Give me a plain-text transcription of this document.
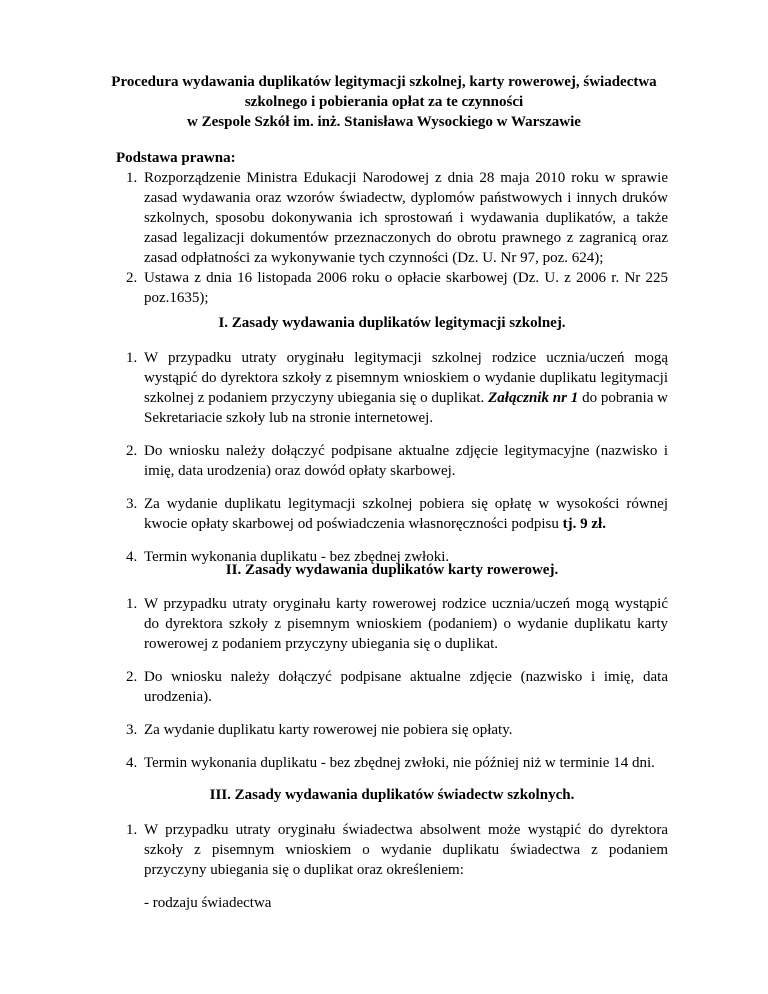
Procedura wydawania duplikatów legitymacji szkolnej, karty rowerowej, świadectwa
szkolnego i pobierania opłat za te czynności
w Zespole Szkół im. inż. Stanisława Wysockiego w Warszawie
Podstawa prawna:
1. Rozporządzenie Ministra Edukacji Narodowej z dnia 28 maja 2010 roku w sprawie zasad wydawania oraz wzorów świadectw, dyplomów państwowych i innych druków szkolnych, sposobu dokonywania ich sprostowań i wydawania duplikatów, a także zasad legalizacji dokumentów przeznaczonych do obrotu prawnego z zagranicą oraz zasad odpłatności za wykonywanie tych czynności (Dz. U. Nr 97, poz. 624);
2. Ustawa z dnia 16 listopada 2006 roku o opłacie skarbowej (Dz. U. z 2006 r. Nr 225 poz.1635);
I. Zasady wydawania duplikatów legitymacji szkolnej.
1. W przypadku utraty oryginału legitymacji szkolnej rodzice ucznia/uczeń mogą wystąpić do dyrektora szkoły z pisemnym wnioskiem o wydanie duplikatu legitymacji szkolnej z podaniem przyczyny ubiegania się o duplikat. Załącznik nr 1 do pobrania w Sekretariacie szkoły lub na stronie internetowej.
2. Do wniosku należy dołączyć podpisane aktualne zdjęcie legitymacyjne (nazwisko i imię, data urodzenia) oraz dowód opłaty skarbowej.
3. Za wydanie duplikatu legitymacji szkolnej pobiera się opłatę w wysokości równej kwocie opłaty skarbowej od poświadczenia własnoręczności podpisu tj. 9 zł.
4. Termin wykonania duplikatu - bez zbędnej zwłoki.
II. Zasady wydawania duplikatów karty rowerowej.
1. W przypadku utraty oryginału karty rowerowej rodzice ucznia/uczeń mogą wystąpić do dyrektora szkoły z pisemnym wnioskiem (podaniem) o wydanie duplikatu karty rowerowej z podaniem przyczyny ubiegania się o duplikat.
2. Do wniosku należy dołączyć podpisane aktualne zdjęcie (nazwisko i imię, data urodzenia).
3. Za wydanie duplikatu karty rowerowej nie pobiera się opłaty.
4. Termin wykonania duplikatu - bez zbędnej zwłoki, nie później niż w terminie 14 dni.
III. Zasady wydawania duplikatów świadectw szkolnych.
1. W przypadku utraty oryginału świadectwa absolwent może wystąpić do dyrektora szkoły z pisemnym wnioskiem o wydanie duplikatu świadectwa z podaniem przyczyny ubiegania się o duplikat oraz określeniem:
- rodzaju świadectwa
